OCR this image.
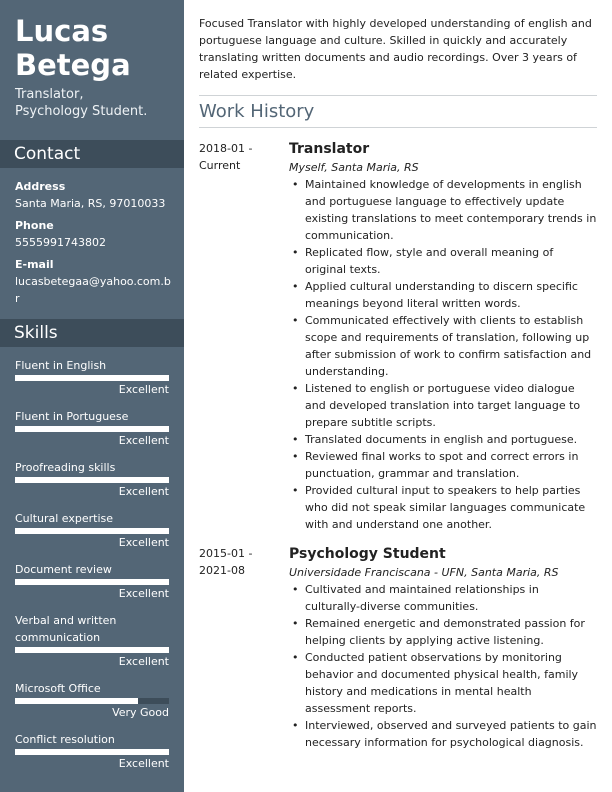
Lucas
Betega
Translator,
Psychology Student.
Contact
Address
Santa Maria, RS, 97010033
Phone
5555991743802
E-mail
lucasbetegaa@yahoo.com.br
Skills
Fluent in English
Excellent
Fluent in Portuguese
Excellent
Proofreading skills
Excellent
Cultural expertise
Excellent
Document review
Excellent
Verbal and written communication
Excellent
Microsoft Office
Very Good
Conflict resolution
Excellent
Focused Translator with highly developed understanding of english and portuguese language and culture. Skilled in quickly and accurately translating written documents and audio recordings. Over 3 years of related expertise.
Work History
2018-01 -
Current
Translator
Myself, Santa Maria, RS
• Maintained knowledge of developments in english and portuguese language to effectively update existing translations to meet contemporary trends in communication.
• Replicated flow, style and overall meaning of original texts.
• Applied cultural understanding to discern specific meanings beyond literal written words.
• Communicated effectively with clients to establish scope and requirements of translation, following up after submission of work to confirm satisfaction and understanding.
• Listened to english or portuguese video dialogue and developed translation into target language to prepare subtitle scripts.
• Translated documents in english and portuguese.
• Reviewed final works to spot and correct errors in punctuation, grammar and translation.
• Provided cultural input to speakers to help parties who did not speak similar languages communicate with and understand one another.
2015-01 -
2021-08
Psychology Student
Universidade Franciscana - UFN, Santa Maria, RS
• Cultivated and maintained relationships in culturally-diverse communities.
• Remained energetic and demonstrated passion for helping clients by applying active listening.
• Conducted patient observations by monitoring behavior and documented physical health, family history and medications in mental health assessment reports.
• Interviewed, observed and surveyed patients to gain necessary information for psychological diagnosis.
